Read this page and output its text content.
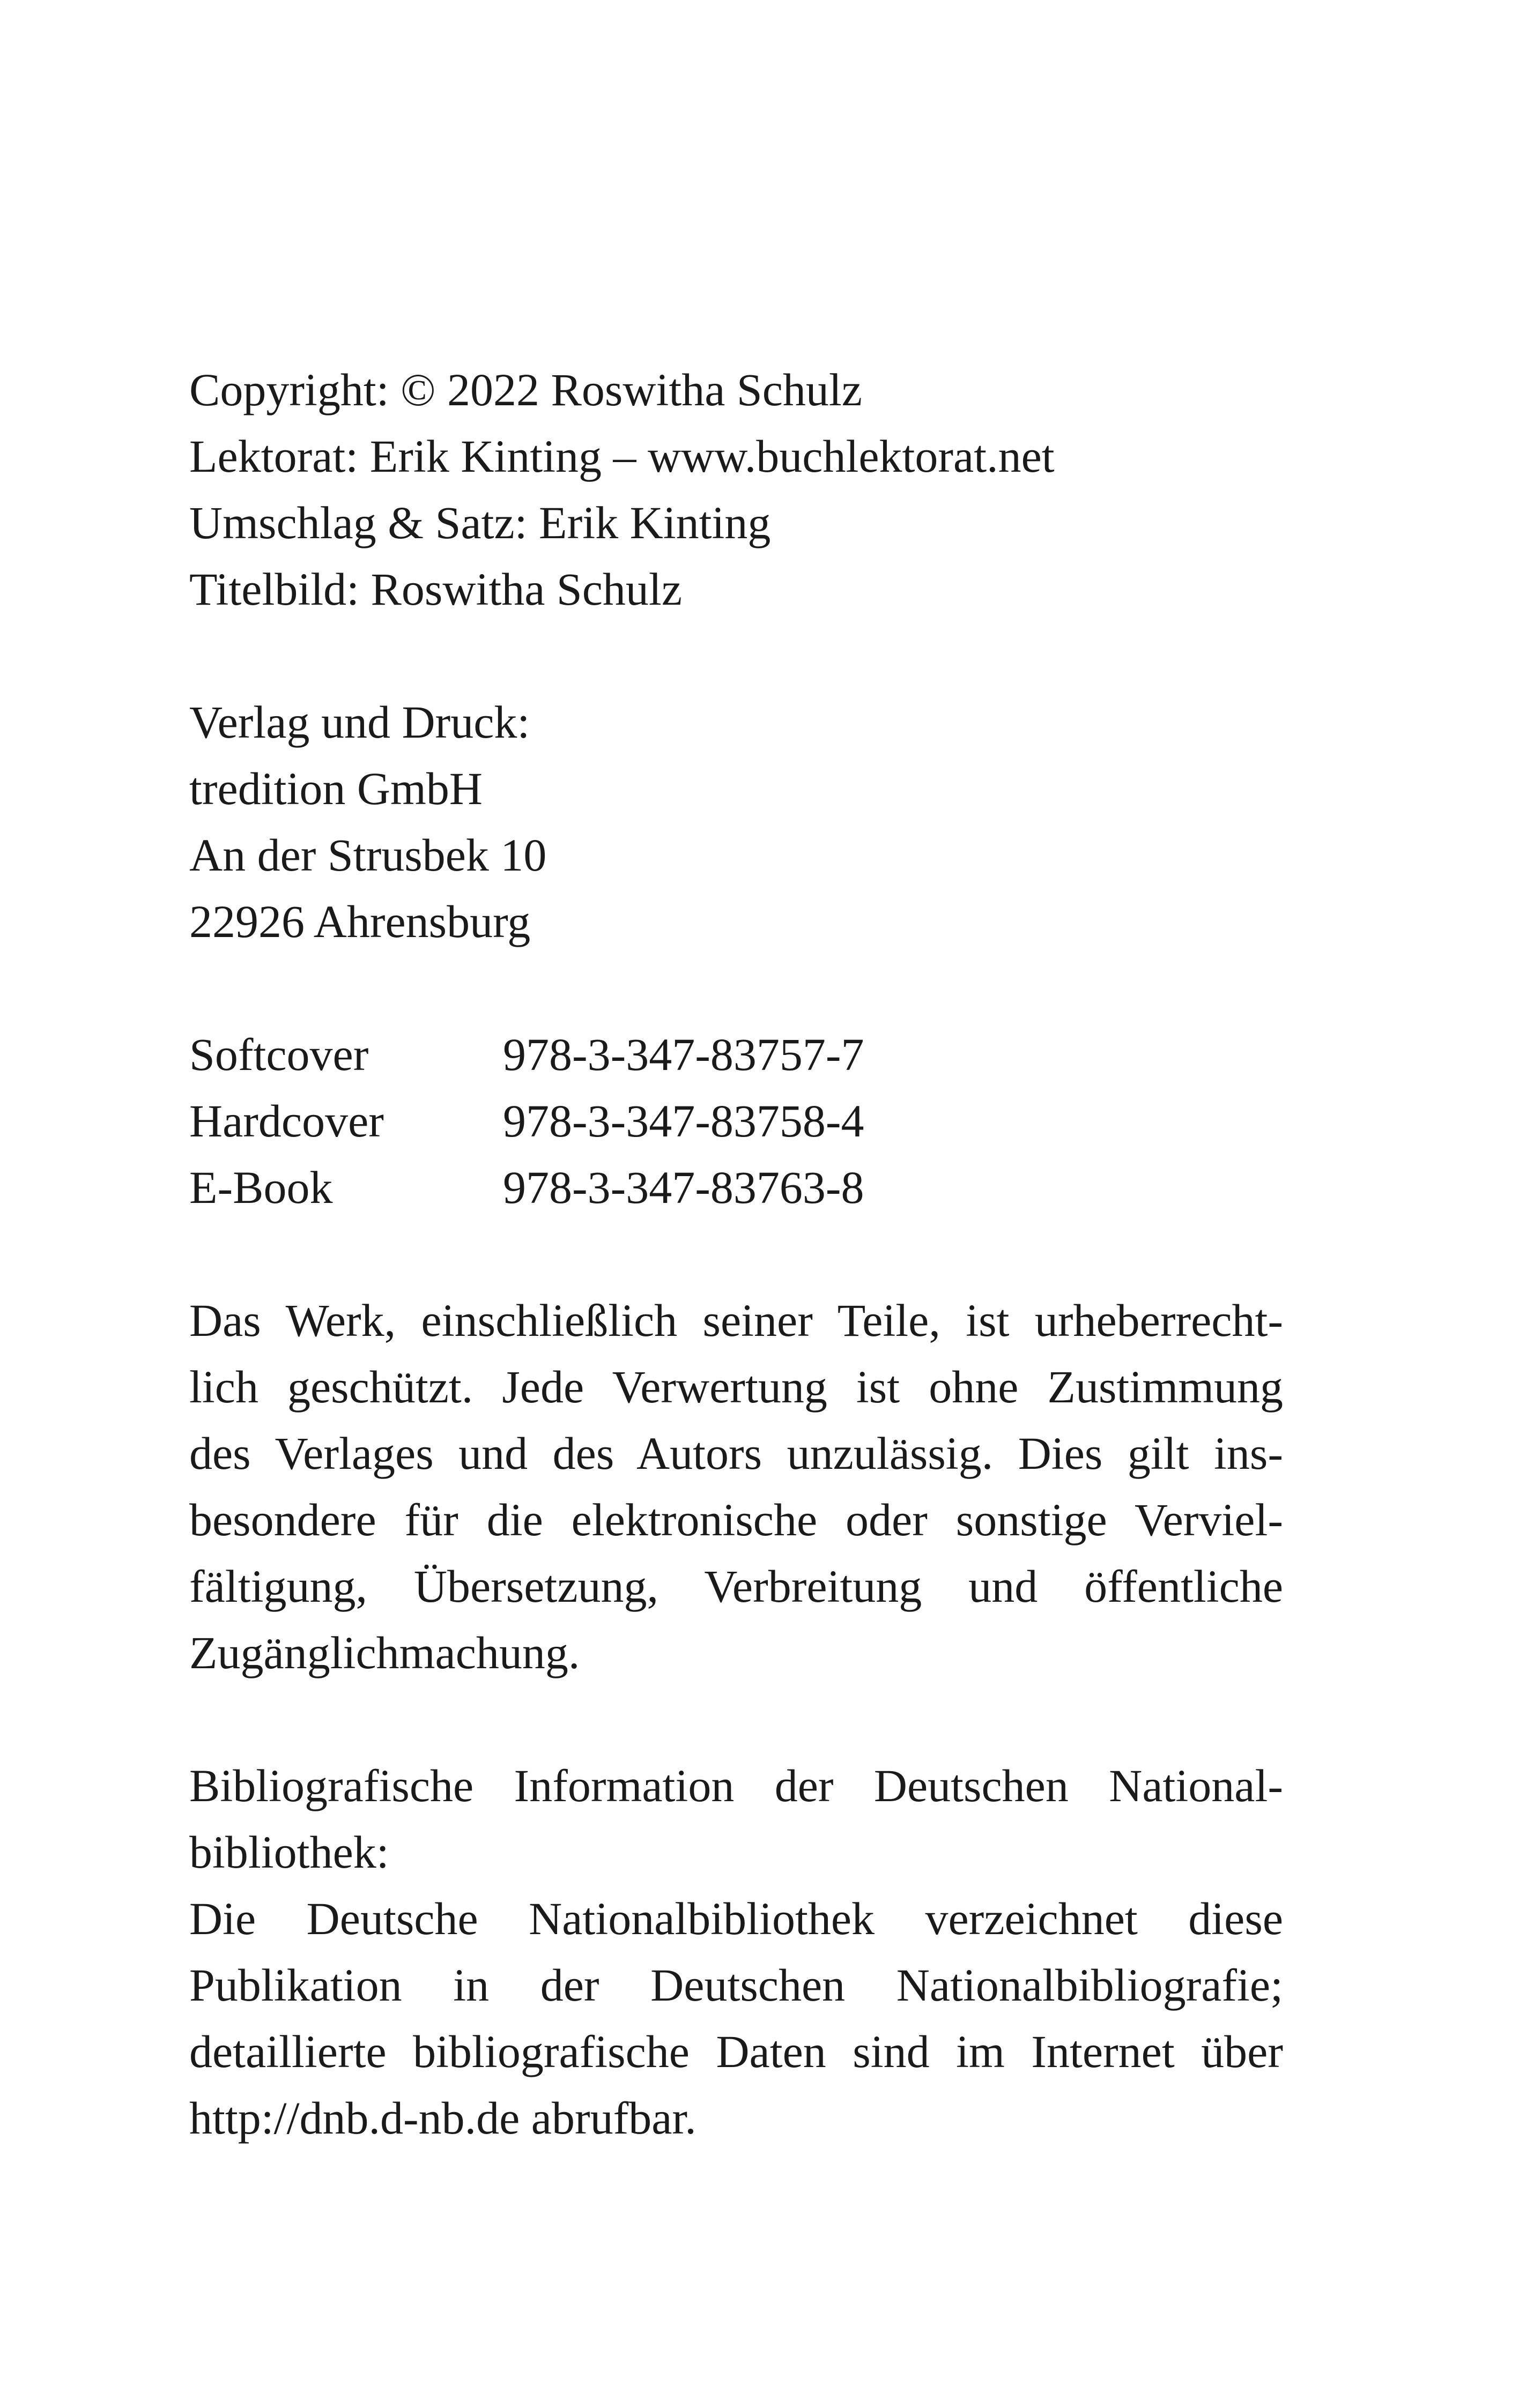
Copyright: © 2022 Roswitha Schulz
Lektorat: Erik Kinting – www.buchlektorat.net
Umschlag & Satz: Erik Kinting
Titelbild: Roswitha Schulz
Verlag und Druck:
tredition GmbH
An der Strusbek 10
22926 Ahrensburg
Softcover	978-3-347-83757-7
Hardcover	978-3-347-83758-4
E-Book	978-3-347-83763-8
Das Werk, einschließlich seiner Teile, ist urheberrecht-
lich geschützt. Jede Verwertung ist ohne Zustimmung
des Verlages und des Autors unzulässig. Dies gilt ins-
besondere für die elektronische oder sonstige Verviel-
fältigung, Übersetzung, Verbreitung und öffentliche
Zugänglichmachung.
Bibliografische Information der Deutschen National-
bibliothek:
Die Deutsche Nationalbibliothek verzeichnet diese
Publikation in der Deutschen Nationalbibliografie;
detaillierte bibliografische Daten sind im Internet über
http://dnb.d-nb.de abrufbar.
